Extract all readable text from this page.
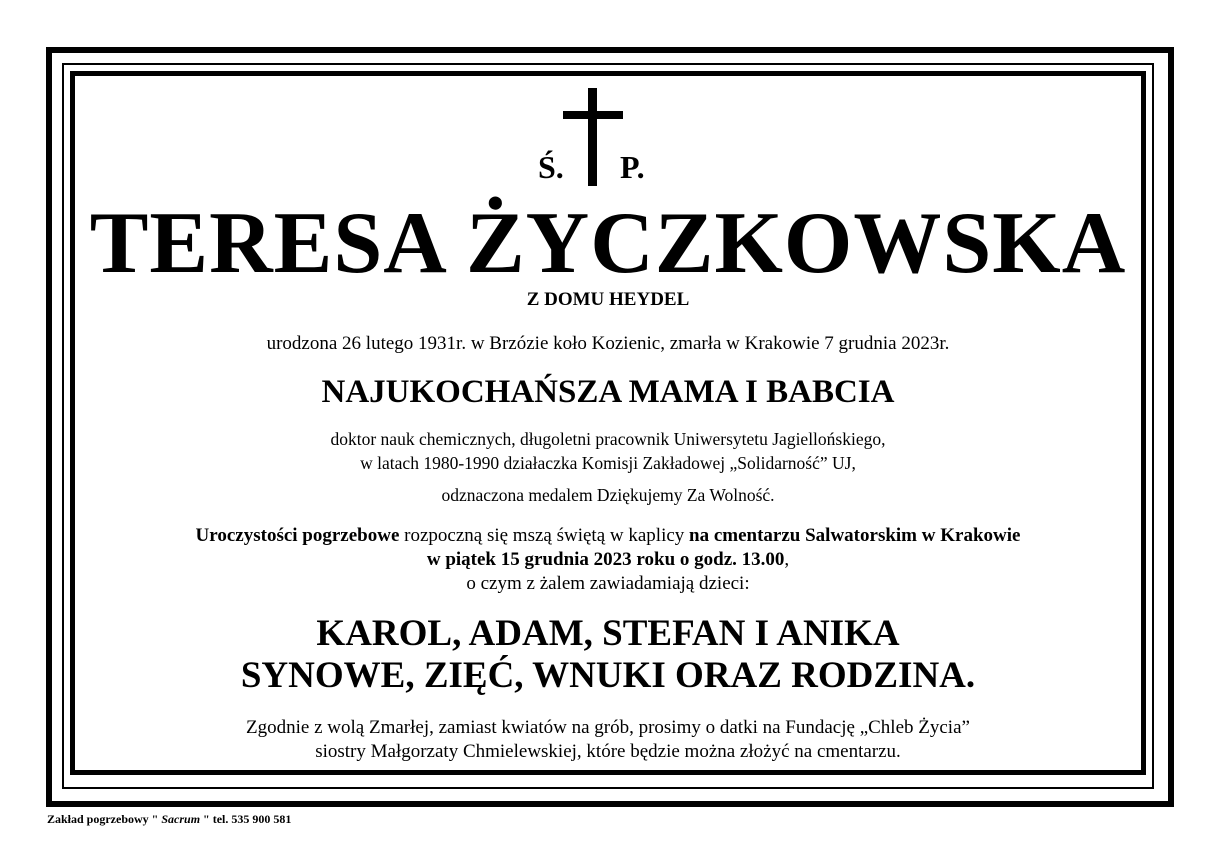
Ś. P.
TERESA ŻYCZKOWSKA
Z DOMU HEYDEL
urodzona 26 lutego 1931r. w Brzózie koło Kozienic, zmarła w Krakowie 7 grudnia 2023r.
NAJUKOCHAŃSZA MAMA I BABCIA
doktor nauk chemicznych, długoletni pracownik Uniwersytetu Jagiellońskiego,
w latach 1980-1990 działaczka Komisji Zakładowej „Solidarność” UJ,
odznaczona medalem Dziękujemy Za Wolność.
Uroczystości pogrzebowe rozpoczną się mszą świętą w kaplicy na cmentarzu Salwatorskim w Krakowie
w piątek 15 grudnia 2023 roku o godz. 13.00,
o czym z żalem zawiadamiają dzieci:
KAROL, ADAM, STEFAN I ANIKA
SYNOWE, ZIĘĆ, WNUKI ORAZ RODZINA.
Zgodnie z wolą Zmarłej, zamiast kwiatów na grób, prosimy o datki na Fundację „Chleb Życia”
siostry Małgorzaty Chmielewskiej, które będzie można złożyć na cmentarzu.
Zakład pogrzebowy " Sacrum " tel. 535 900 581
